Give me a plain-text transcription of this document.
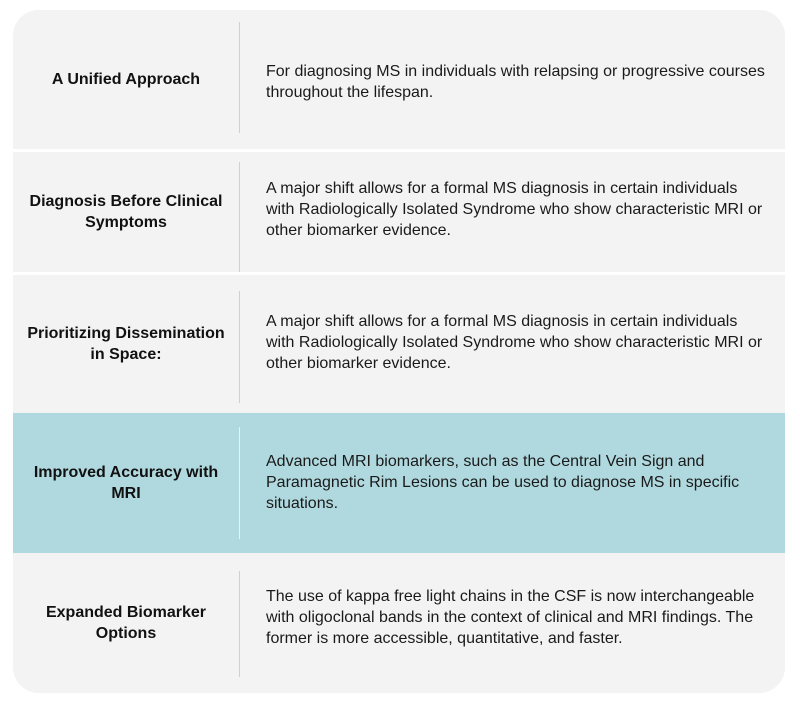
A Unified Approach	For diagnosing MS in individuals with relapsing or progressive courses throughout the lifespan.
Diagnosis Before Clinical Symptoms
A major shift allows for a formal MS diagnosis in certain individuals with Radiologically Isolated Syndrome who show characteristic MRI or other biomarker evidence.
Prioritizing Dissemination in Space:
A major shift allows for a formal MS diagnosis in certain individuals with Radiologically Isolated Syndrome who show characteristic MRI or other biomarker evidence.
Improved Accuracy with MRI
Advanced MRI biomarkers, such as the Central Vein Sign and Paramagnetic Rim Lesions can be used to diagnose MS in specific situations.
Expanded Biomarker Options
The use of kappa free light chains in the CSF is now interchangeable with oligoclonal bands in the context of clinical and MRI findings. The former is more accessible, quantitative, and faster.
